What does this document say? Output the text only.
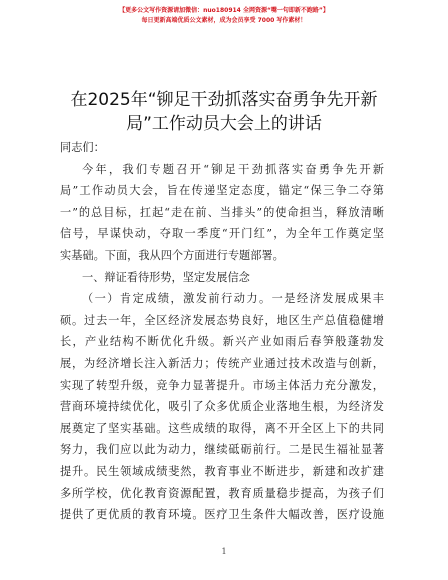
【更多公文写作资源请加微信：nuo180914 全网资源“嘴一句即新不跑路”】
每日更新高端优质公文素材，成为会员享受 7000 写作素材！
在2025年“铆足干劲抓落实奋勇争先开新
局”工作动员大会上的讲话
同志们：
今年，我们专题召开“铆足干劲抓落实奋勇争先开新
局”工作动员大会，旨在传递坚定态度，锚定“保三争二夺第
一”的总目标，扛起“走在前、当排头”的使命担当，释放清晰
信号，早谋快动，夺取一季度“开门红”，为全年工作奠定坚
实基础。下面，我从四个方面进行专题部署。
一、辩证看待形势，坚定发展信念
（一）肯定成绩，激发前行动力。一是经济发展成果丰
硕。过去一年，全区经济发展态势良好，地区生产总值稳健增
长，产业结构不断优化升级。新兴产业如雨后春笋般蓬勃发
展，为经济增长注入新活力；传统产业通过技术改造与创新，
实现了转型升级，竞争力显著提升。市场主体活力充分激发，
营商环境持续优化，吸引了众多优质企业落地生根，为经济发
展奠定了坚实基础。这些成绩的取得，离不开全区上下的共同
努力，我们应以此为动力，继续砥砺前行。二是民生福祉显著
提升。民生领域成绩斐然，教育事业不断进步，新建和改扩建
多所学校，优化教育资源配置，教育质量稳步提高，为孩子们
提供了更优质的教育环境。医疗卫生条件大幅改善，医疗设施
1
